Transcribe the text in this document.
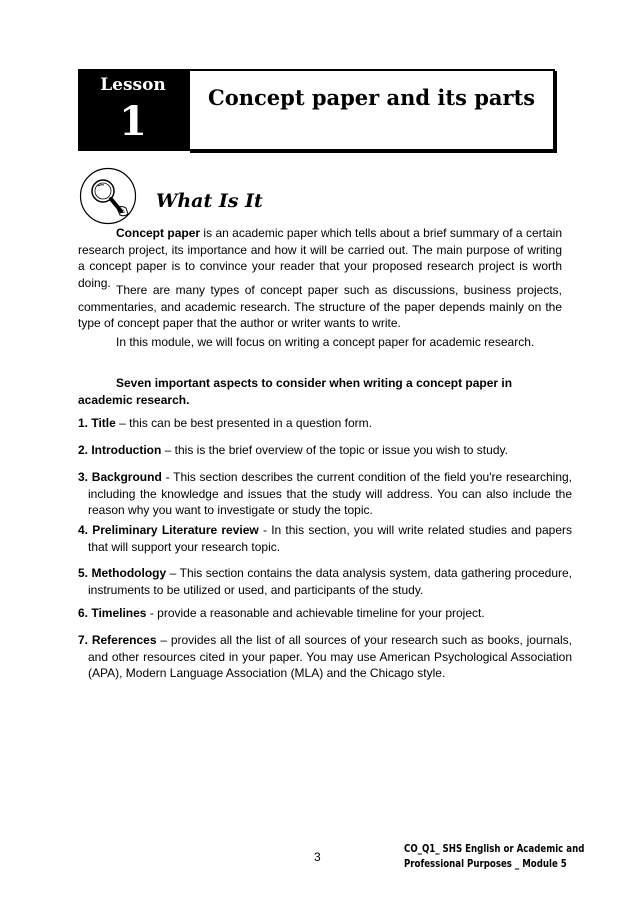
Lesson
1
Concept paper and its parts
What Is It
Concept paper is an academic paper which tells about a brief summary of a certain research project, its importance and how it will be carried out. The main purpose of writing a concept paper is to convince your reader that your proposed research project is worth doing.
There are many types of concept paper such as discussions, business projects, commentaries, and academic research. The structure of the paper depends mainly on the type of concept paper that the author or writer wants to write.
In this module, we will focus on writing a concept paper for academic research.
Seven important aspects to consider when writing a concept paper in academic research.
1. Title – this can be best presented in a question form.
2. Introduction – this is the brief overview of the topic or issue you wish to study.
3. Background - This section describes the current condition of the field you're researching, including the knowledge and issues that the study will address. You can also include the reason why you want to investigate or study the topic.
4. Preliminary Literature review - In this section, you will write related studies and papers that will support your research topic.
5. Methodology – This section contains the data analysis system, data gathering procedure, instruments to be utilized or used, and participants of the study.
6. Timelines - provide a reasonable and achievable timeline for your project.
7. References – provides all the list of all sources of your research such as books, journals, and other resources cited in your paper. You may use American Psychological Association (APA), Modern Language Association (MLA) and the Chicago style.
3
CO_Q1_ SHS English or Academic and
Professional Purposes _ Module 5
